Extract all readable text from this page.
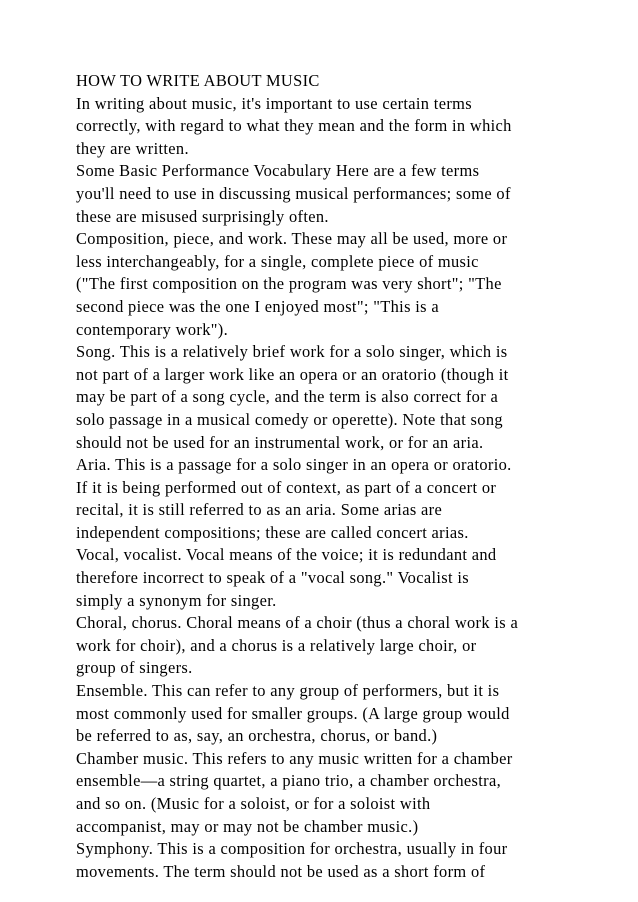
HOW TO WRITE ABOUT MUSIC
In writing about music, it's important to use certain terms
correctly, with regard to what they mean and the form in which
they are written.
Some Basic Performance Vocabulary Here are a few terms
you'll need to use in discussing musical performances; some of
these are misused surprisingly often.
Composition, piece, and work. These may all be used, more or
less interchangeably, for a single, complete piece of music
("The first composition on the program was very short"; "The
second piece was the one I enjoyed most"; "This is a
contemporary work").
Song. This is a relatively brief work for a solo singer, which is
not part of a larger work like an opera or an oratorio (though it
may be part of a song cycle, and the term is also correct for a
solo passage in a musical comedy or operette). Note that song
should not be used for an instrumental work, or for an aria.
Aria. This is a passage for a solo singer in an opera or oratorio.
If it is being performed out of context, as part of a concert or
recital, it is still referred to as an aria. Some arias are
independent compositions; these are called concert arias.
Vocal, vocalist. Vocal means of the voice; it is redundant and
therefore incorrect to speak of a "vocal song." Vocalist is
simply a synonym for singer.
Choral, chorus. Choral means of a choir (thus a choral work is a
work for choir), and a chorus is a relatively large choir, or
group of singers.
Ensemble. This can refer to any group of performers, but it is
most commonly used for smaller groups. (A large group would
be referred to as, say, an orchestra, chorus, or band.)
Chamber music. This refers to any music written for a chamber
ensemble—a string quartet, a piano trio, a chamber orchestra,
and so on. (Music for a soloist, or for a soloist with
accompanist, may or may not be chamber music.)
Symphony. This is a composition for orchestra, usually in four
movements. The term should not be used as a short form of
